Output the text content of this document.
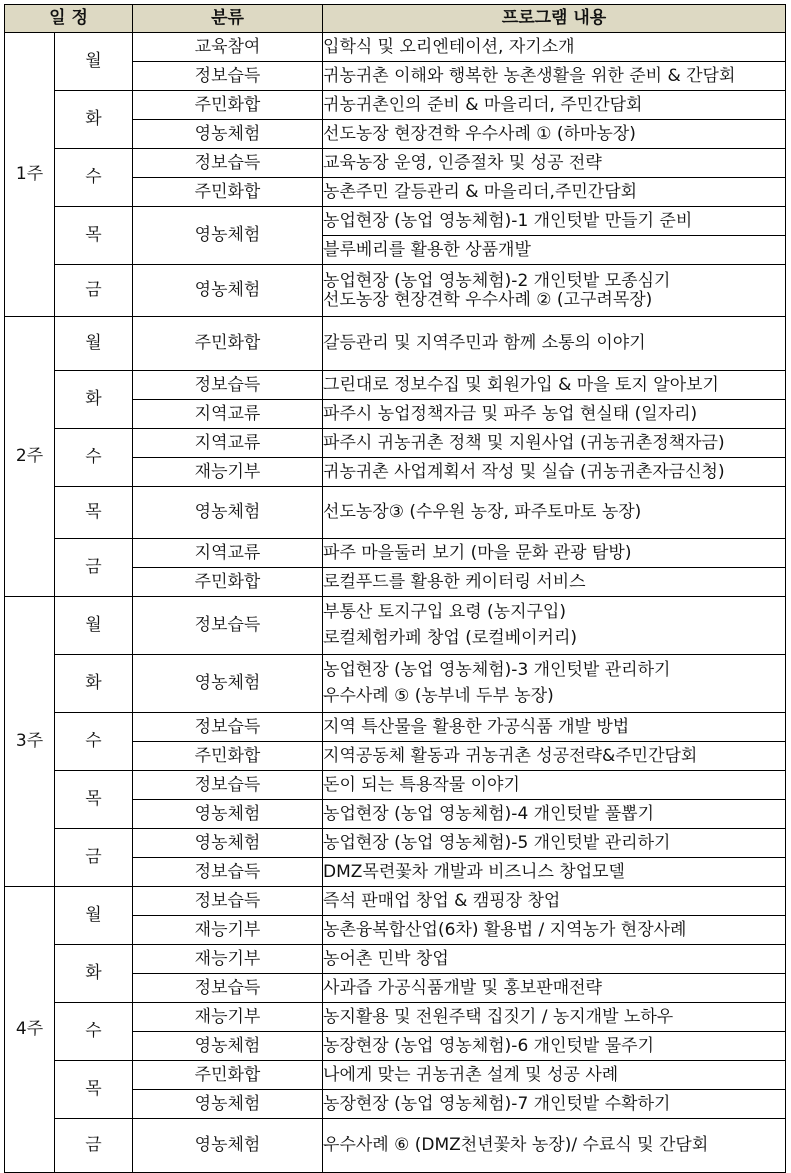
일 정		분류	프로그램 내용
1주	월	교육참여	입학식 및 오리엔테이션, 자기소개
		정보습득	귀농귀촌 이해와 행복한 농촌생활을 위한 준비 & 간담회
	화	주민화합	귀농귀촌인의 준비 & 마을리더, 주민간담회
		영농체험	선도농장 현장견학 우수사례 ① (하마농장)
	수	정보습득	교육농장 운영, 인증절차 및 성공 전략
		주민화합	농촌주민 갈등관리 & 마을리더,주민간담회
	목	영농체험	농업현장 (농업 영농체험)-1 개인텃밭 만들기 준비
			블루베리를 활용한 상품개발
	금	영농체험	농업현장 (농업 영농체험)-2 개인텃밭 모종심기
선도농장 현장견학 우수사례 ② (고구려목장)

2주	월	주민화합	갈등관리 및 지역주민과 함께 소통의 이야기
	화	정보습득	그린대로 정보수집 및 회원가입 & 마을 토지 알아보기
		지역교류	파주시 농업정책자금 및 파주 농업 현실태 (일자리)
	수	지역교류	파주시 귀농귀촌 정책 및 지원사업 (귀농귀촌정책자금)
		재능기부	귀농귀촌 사업계획서 작성 및 실습 (귀농귀촌자금신청)
	목	영농체험	선도농장③ (수우원 농장, 파주토마토 농장)
	금	지역교류	파주 마을둘러 보기 (마을 문화 관광 탐방)
		주민화합	로컬푸드를 활용한 케이터링 서비스
3주	월	정보습득	부통산 토지구입 요령 (농지구입)
로컬체험카페 창업 (로컬베이커리)

	화	영농체험	농업현장 (농업 영농체험)-3 개인텃밭 관리하기
우수사례 ⑤ (농부네 두부 농장)

	수	정보습득	지역 특산물을 활용한 가공식품 개발 방법
		주민화합	지역공동체 활동과 귀농귀촌 성공전략&주민간담회
	목	정보습득	돈이 되는 특용작물 이야기
		영농체험	농업현장 (농업 영농체험)-4 개인텃밭 풀뽑기
	금	영농체험	농업현장 (농업 영농체험)-5 개인텃밭 관리하기
		정보습득	DMZ목련꽃차 개발과 비즈니스 창업모델
4주	월	정보습득	즉석 판매업 창업 & 캠핑장 창업
		재능기부	농촌융복합산업(6차) 활용법 / 지역농가 현장사례
	화	재능기부	농어촌 민박 창업
		정보습득	사과즙 가공식품개발 및 홍보판매전략
	수	재능기부	농지활용 및 전원주택 집짓기 / 농지개발 노하우
		영농체험	농장현장 (농업 영농체험)-6 개인텃밭 물주기
	목	주민화합	나에게 맞는 귀농귀촌 설계 및 성공 사례
		영농체험	농장현장 (농업 영농체험)-7 개인텃밭 수확하기
	금	영농체험	우수사례 ⑥ (DMZ천년꽃차 농장)/ 수료식 및 간담회
